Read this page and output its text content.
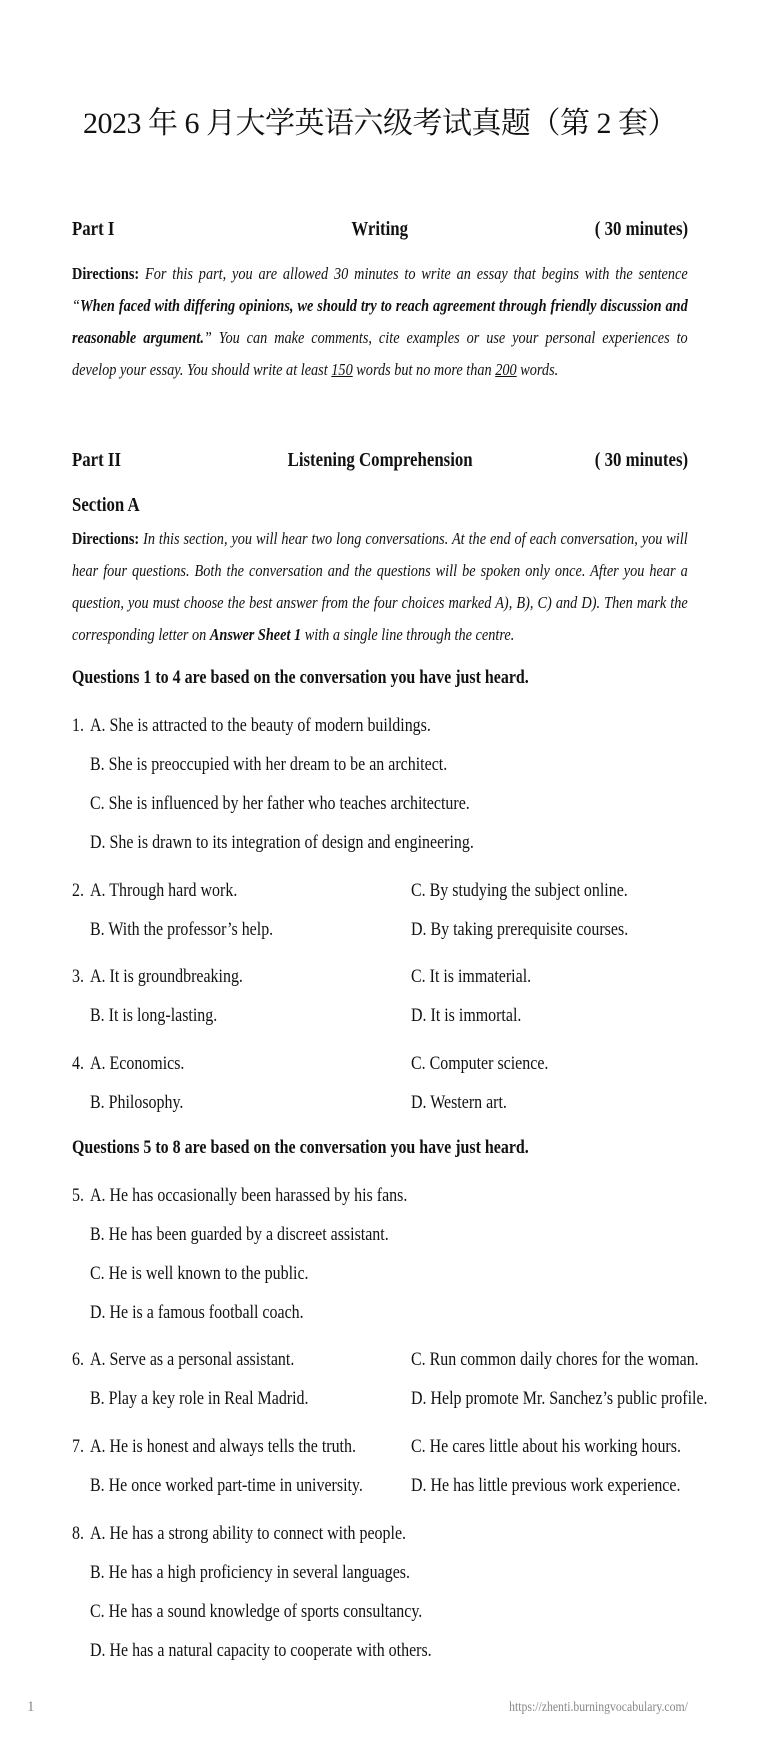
2023 年 6 月大学英语六级考试真题（第 2 套）
Part I	Writing	( 30 minutes)
Directions: For this part, you are allowed 30 minutes to write an essay that begins with the sentence “When faced with differing opinions, we should try to reach agreement through friendly discussion and reasonable argument.” You can make comments, cite examples or use your personal experiences to develop your essay. You should write at least 150 words but no more than 200 words.
Part II	Listening Comprehension	( 30 minutes)
Section A
Directions: In this section, you will hear two long conversations. At the end of each conversation, you will hear four questions. Both the conversation and the questions will be spoken only once. After you hear a question, you must choose the best answer from the four choices marked A), B), C) and D). Then mark the corresponding letter on Answer Sheet 1 with a single line through the centre.
Questions 1 to 4 are based on the conversation you have just heard.
1. A. She is attracted to the beauty of modern buildings.
B. She is preoccupied with her dream to be an architect.
C. She is influenced by her father who teaches architecture.
D. She is drawn to its integration of design and engineering.
2. A. Through hard work.	C. By studying the subject online.
B. With the professor’s help.	D. By taking prerequisite courses.
3. A. It is groundbreaking.	C. It is immaterial.
B. It is long-lasting.	D. It is immortal.
4. A. Economics.	C. Computer science.
B. Philosophy.	D. Western art.
Questions 5 to 8 are based on the conversation you have just heard.
5. A. He has occasionally been harassed by his fans.
B. He has been guarded by a discreet assistant.
C. He is well known to the public.
D. He is a famous football coach.
6. A. Serve as a personal assistant.	C. Run common daily chores for the woman.
B. Play a key role in Real Madrid.	D. Help promote Mr. Sanchez’s public profile.
7. A. He is honest and always tells the truth.	C. He cares little about his working hours.
B. He once worked part-time in university.	D. He has little previous work experience.
8. A. He has a strong ability to connect with people.
B. He has a high proficiency in several languages.
C. He has a sound knowledge of sports consultancy.
D. He has a natural capacity to cooperate with others.
1	https://zhenti.burningvocabulary.com/
